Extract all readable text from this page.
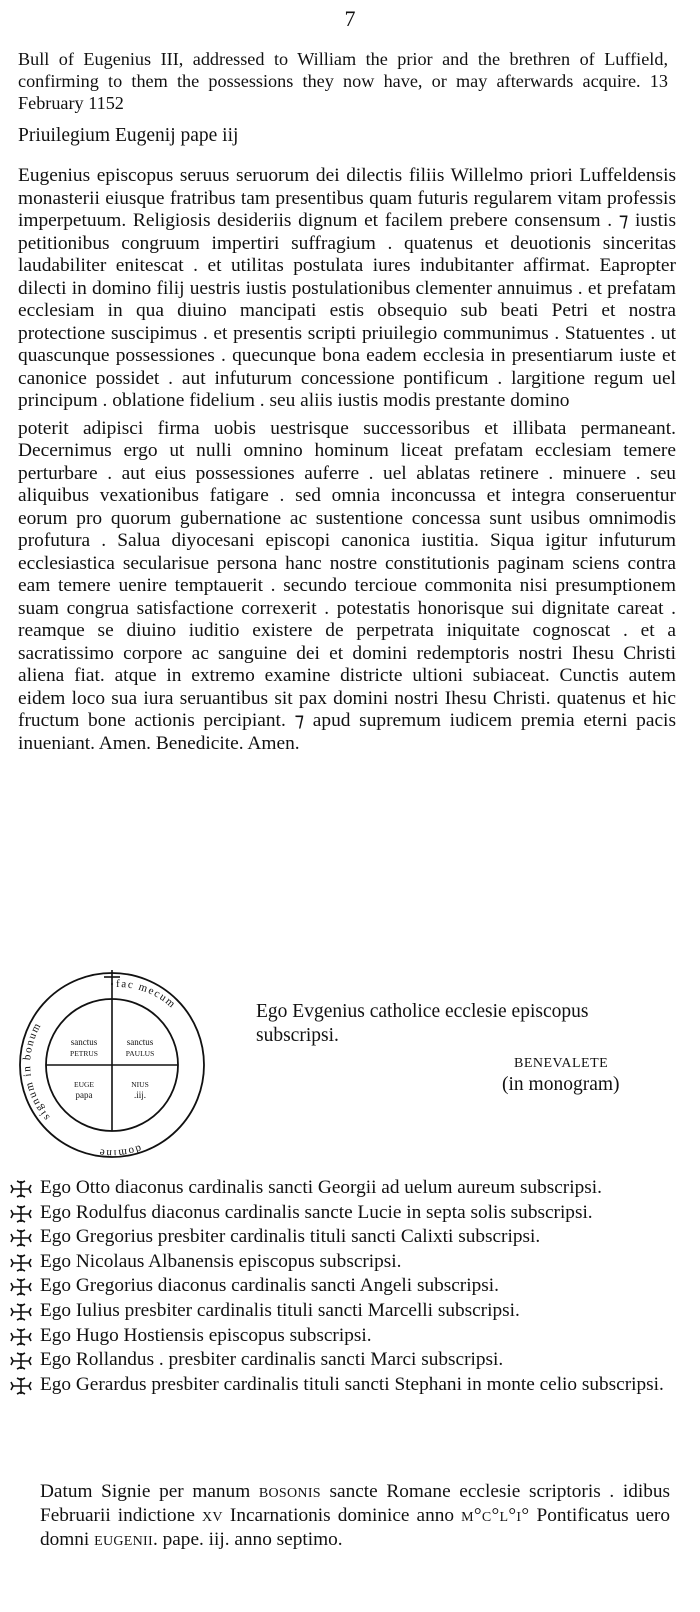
7

Bull of Eugenius III, addressed to William the prior and the brethren of Luffield, confirming to them the possessions they now have, or may afterwards acquire. 13 February 1152

Priuilegium Eugenij pape iij

Eugenius episcopus seruus seruorum dei dilectis filiis Willelmo priori Luffeldensis monasterii eiusque fratribus tam presentibus quam futuris regularem vitam professis imperpetuum. Religiosis desideriis dignum et facilem prebere consensum . ⁊ iustis petitionibus congruum impertiri suffragium . quatenus et deuotionis sinceritas laudabiliter enitescat . et utilitas postulata iures indubitanter affirmat. Eapropter dilecti in domino filij uestris iustis postulationibus clementer annuimus . et prefatam ecclesiam in qua diuino mancipati estis obsequio sub beati Petri et nostra protectione suscipimus . et presentis scripti priuilegio communimus . Statuentes . ut quascunque possessiones . quecunque bona eadem ecclesia in presentiarum iuste et canonice possidet . aut infuturum concessione pontificum . largitione regum uel principum . oblatione fidelium . seu aliis iustis modis prestante domino

poterit adipisci firma uobis uestrisque successoribus et illibata permaneant. Decernimus ergo ut nulli omnino hominum liceat prefatam ecclesiam temere perturbare . aut eius possessiones auferre . uel ablatas retinere . minuere . seu aliquibus vexationibus fatigare . sed omnia inconcussa et integra conseruentur eorum pro quorum gubernatione ac sustentione concessa sunt usibus omnimodis profutura . Salua diyocesani episcopi canonica iustitia. Siqua igitur infuturum ecclesiastica secularisue persona hanc nostre constitutionis paginam sciens contra eam temere uenire temptauerit . secundo tercioue commonita nisi presumptionem suam congrua satisfactione correxerit . potestatis honorisque sui dignitate careat . reamque se diuino iuditio existere de perpetrata iniquitate cognoscat . et a sacratissimo corpore ac sanguine dei et domini redemptoris nostri Ihesu Christi aliena fiat. atque in extremo examine districte ultioni subiaceat. Cunctis autem eidem loco sua iura seruantibus sit pax domini nostri Ihesu Christi. quatenus et hic fructum bone actionis percipiant. ⁊ apud supremum iudicem premia eterni pacis inueniant. Amen. Benedicite. Amen.

signum in bonum
fac mecum
domine
sanctus
PETRUS
sanctus
PAULUS
EUGE
papa
NIUS
.iij.

Ego Evgenius catholice ecclesie episcopus subscripsi.

BENEVALETE
(in monogram)
Ego Otto diaconus cardinalis sancti Georgii ad uelum aureum subscripsi.
Ego Rodulfus diaconus cardinalis sancte Lucie in septa solis subscripsi.
Ego Gregorius presbiter cardinalis tituli sancti Calixti subscripsi.
Ego Nicolaus Albanensis episcopus subscripsi.
Ego Gregorius diaconus cardinalis sancti Angeli subscripsi.
Ego Iulius presbiter cardinalis tituli sancti Marcelli subscripsi.
Ego Hugo Hostiensis episcopus subscripsi.
Ego Rollandus . presbiter cardinalis sancti Marci subscripsi.
Ego Gerardus presbiter cardinalis tituli sancti Stephani in monte celio subscripsi.

Datum Signie per manum bosonis sancte Romane ecclesie scriptoris . idibus Februarii indictione xv Incarnationis dominice anno m°c°l°i° Pontificatus uero domni eugenii. pape. iij. anno septimo.
